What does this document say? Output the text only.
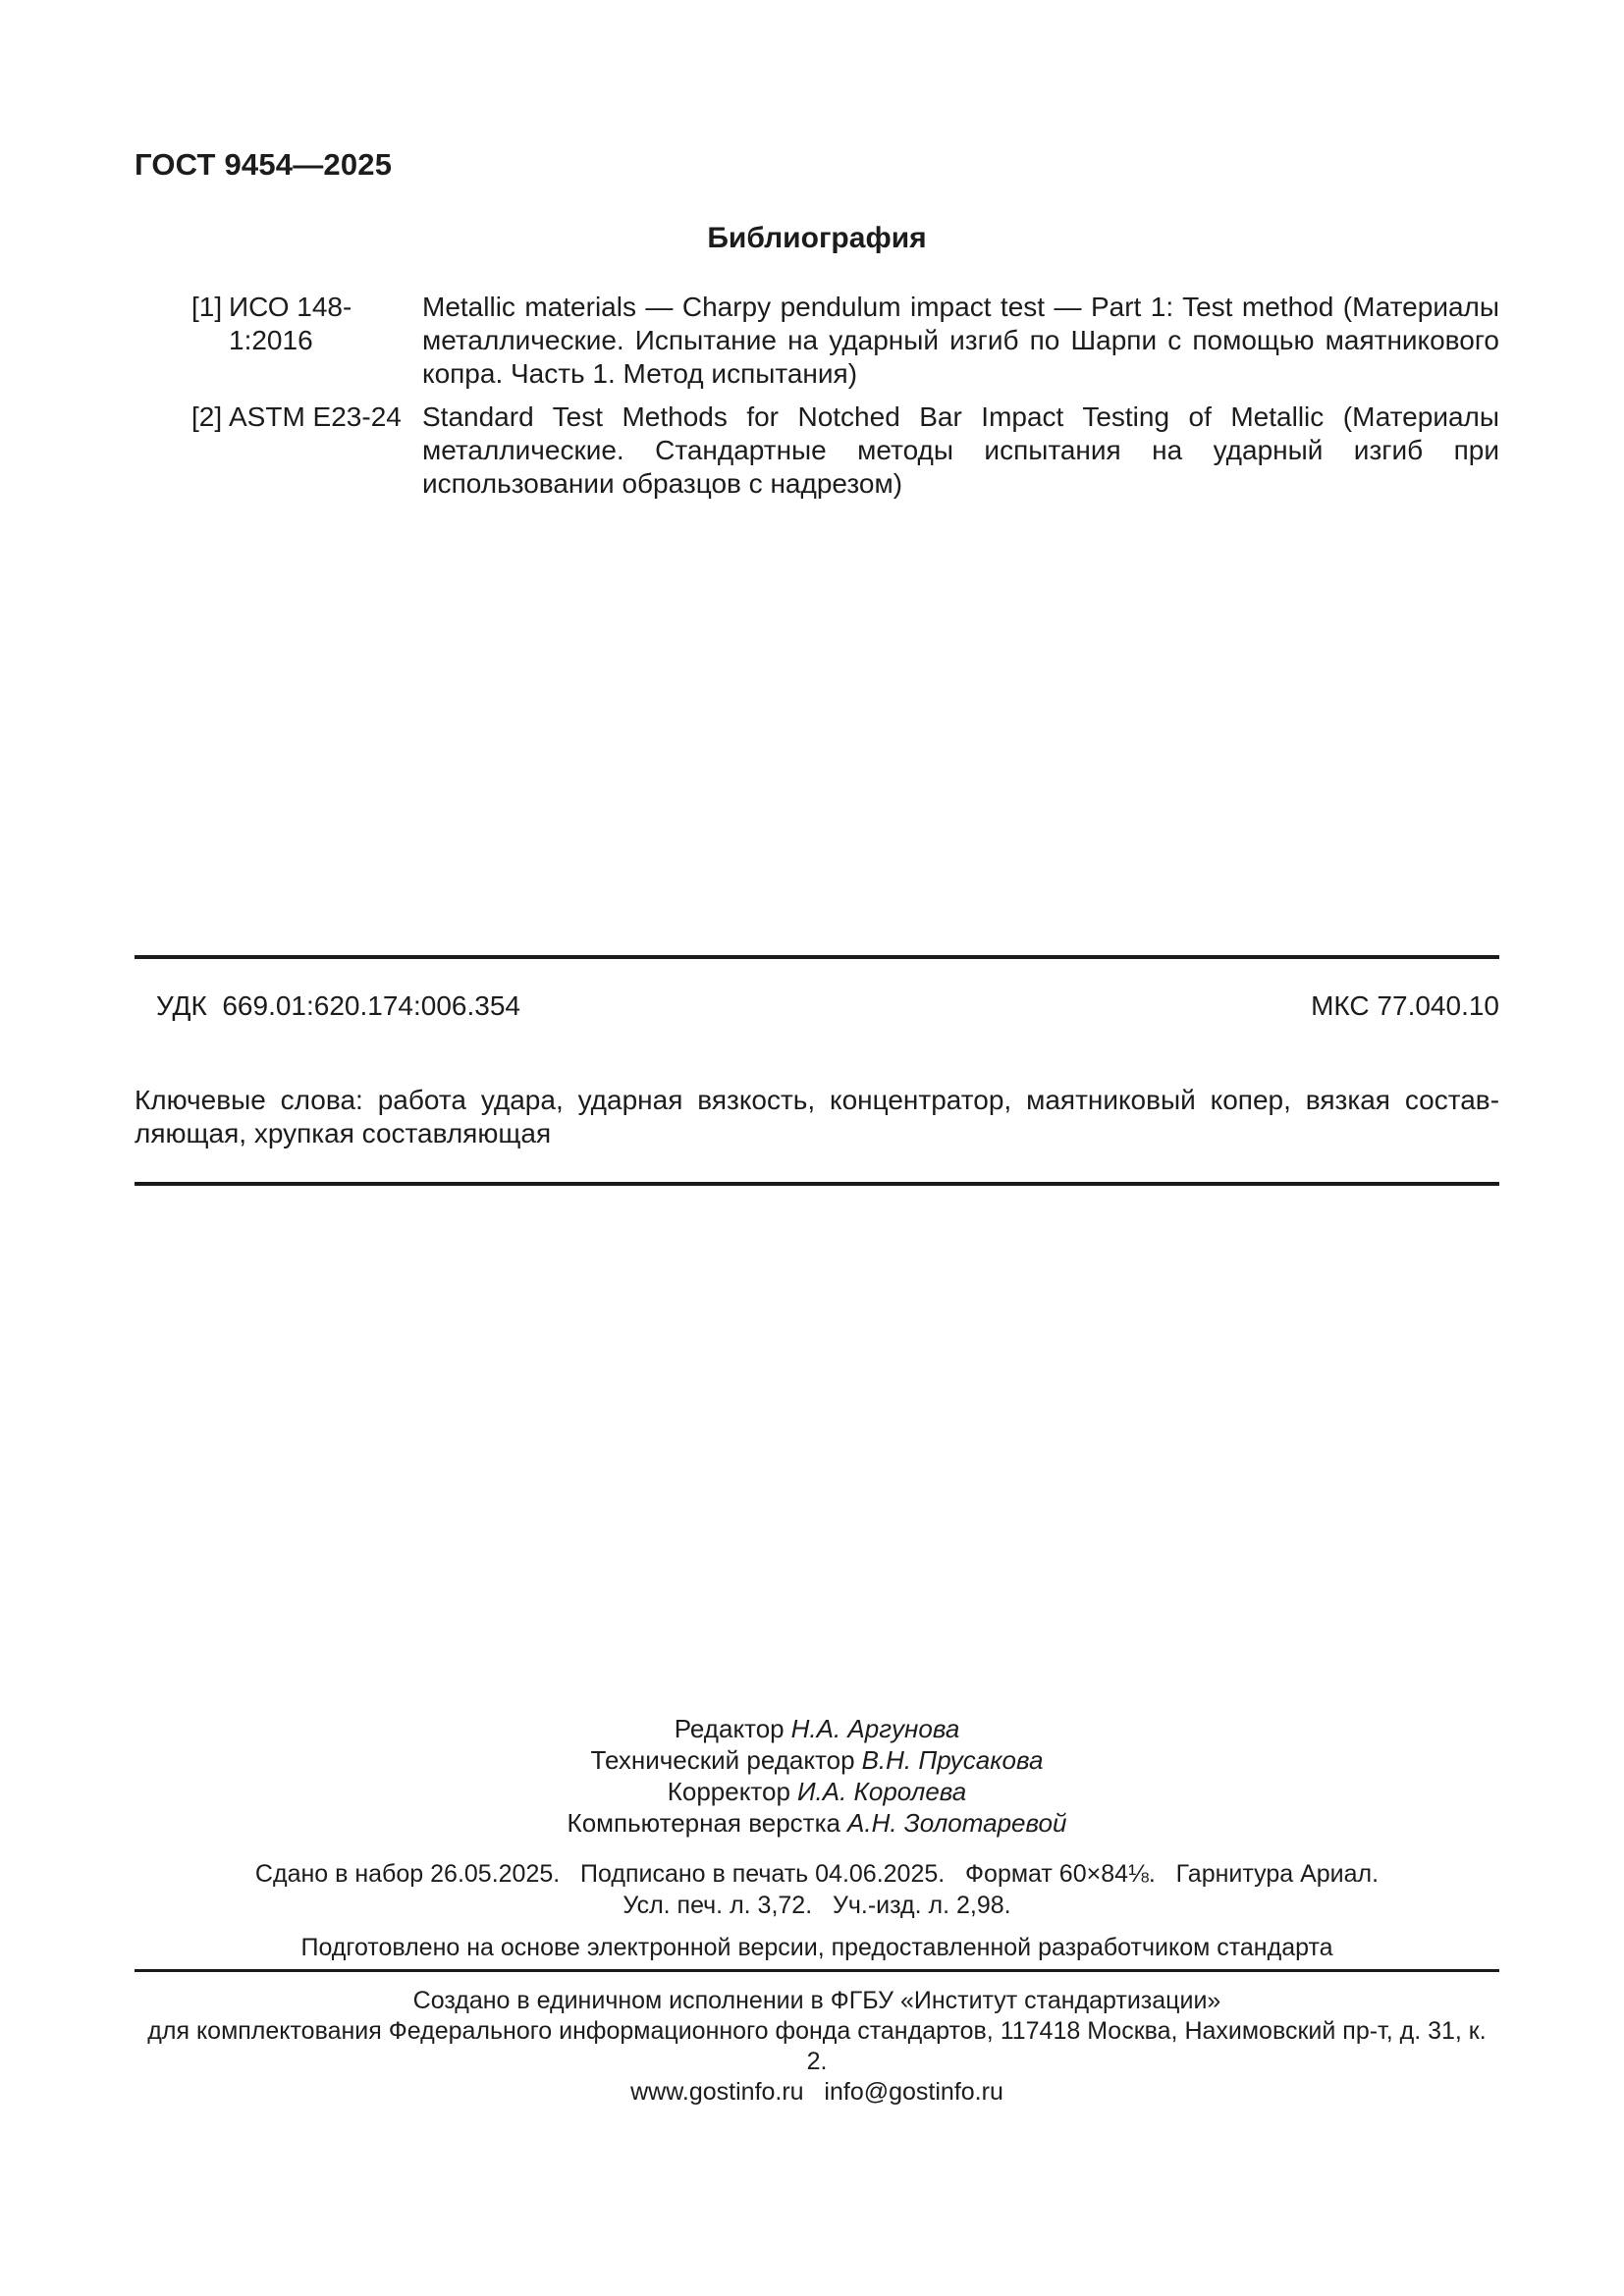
ГОСТ 9454—2025
Библиография
[1] ИСО 148-1:2016
Metallic materials — Charpy pendulum impact test — Part 1: Test method (Материалы металлические. Испытание на ударный изгиб по Шарпи с помощью маятникового копра. Часть 1. Метод испытания)
[2] ASTM E23-24 Standard Test Methods for Notched Bar Impact Testing of Metallic (Материалы металлические. Стандартные методы испытания на ударный изгиб при использовании образцов с надрезом)
УДК  669.01:620.174:006.354	МКС 77.040.10
Ключевые слова: работа удара, ударная вязкость, концентратор, маятниковый копер, вязкая составляющая, хрупкая составляющая
Редактор Н.А. Аргунова
Технический редактор В.Н. Прусакова
Корректор И.А. Королева
Компьютерная верстка А.Н. Золотаревой
Сдано в набор 26.05.2025.   Подписано в печать 04.06.2025.   Формат 60×84⅛.   Гарнитура Ариал.
Усл. печ. л. 3,72.   Уч.-изд. л. 2,98.
Подготовлено на основе электронной версии, предоставленной разработчиком стандарта
Создано в единичном исполнении в ФГБУ «Институт стандартизации»
для комплектования Федерального информационного фонда стандартов, 117418 Москва, Нахимовский пр-т, д. 31, к. 2.
www.gostinfo.ru   info@gostinfo.ru
